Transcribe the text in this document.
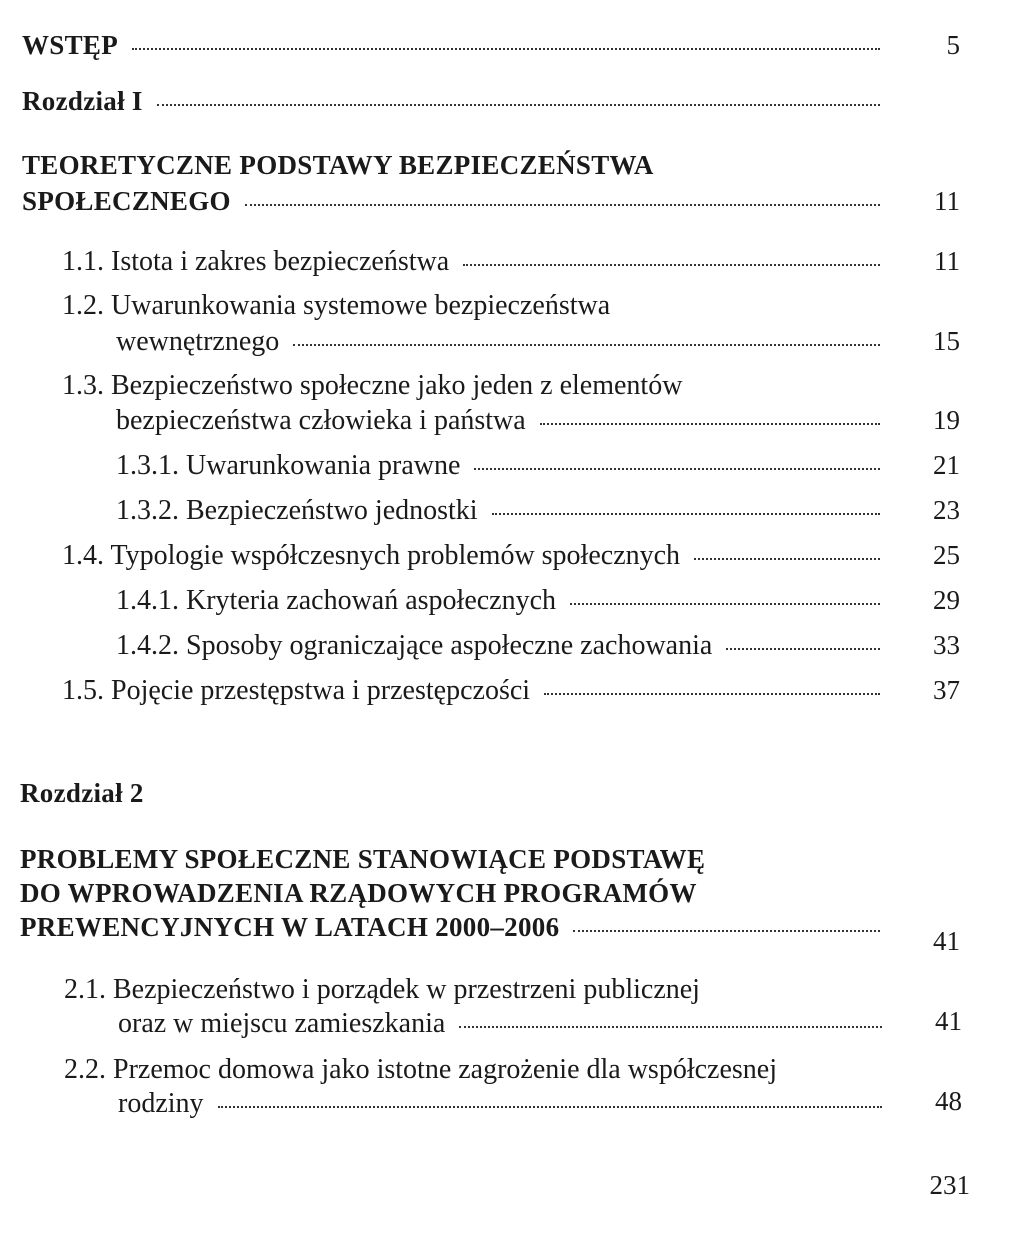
WSTĘP	5
Rozdział I
TEORETYCZNE PODSTAWY BEZPIECZEŃSTWA
SPOŁECZNEGO	11
1.1. Istota i zakres bezpieczeństwa	11
1.2. Uwarunkowania systemowe bezpieczeństwa
wewnętrznego	15
1.3. Bezpieczeństwo społeczne jako jeden z elementów
bezpieczeństwa człowieka i państwa	19
1.3.1. Uwarunkowania prawne	21
1.3.2. Bezpieczeństwo jednostki	23
1.4. Typologie współczesnych problemów społecznych	25
1.4.1. Kryteria zachowań aspołecznych	29
1.4.2. Sposoby ograniczające aspołeczne zachowania	33
1.5. Pojęcie przestępstwa i przestępczości	37
Rozdział 2
PROBLEMY SPOŁECZNE STANOWIĄCE PODSTAWĘ
DO WPROWADZENIA RZĄDOWYCH PROGRAMÓW
PREWENCYJNYCH W LATACH 2000–2006	41
2.1. Bezpieczeństwo i porządek w przestrzeni publicznej
oraz w miejscu zamieszkania	41
2.2. Przemoc domowa jako istotne zagrożenie dla współczesnej
rodziny	48
231
